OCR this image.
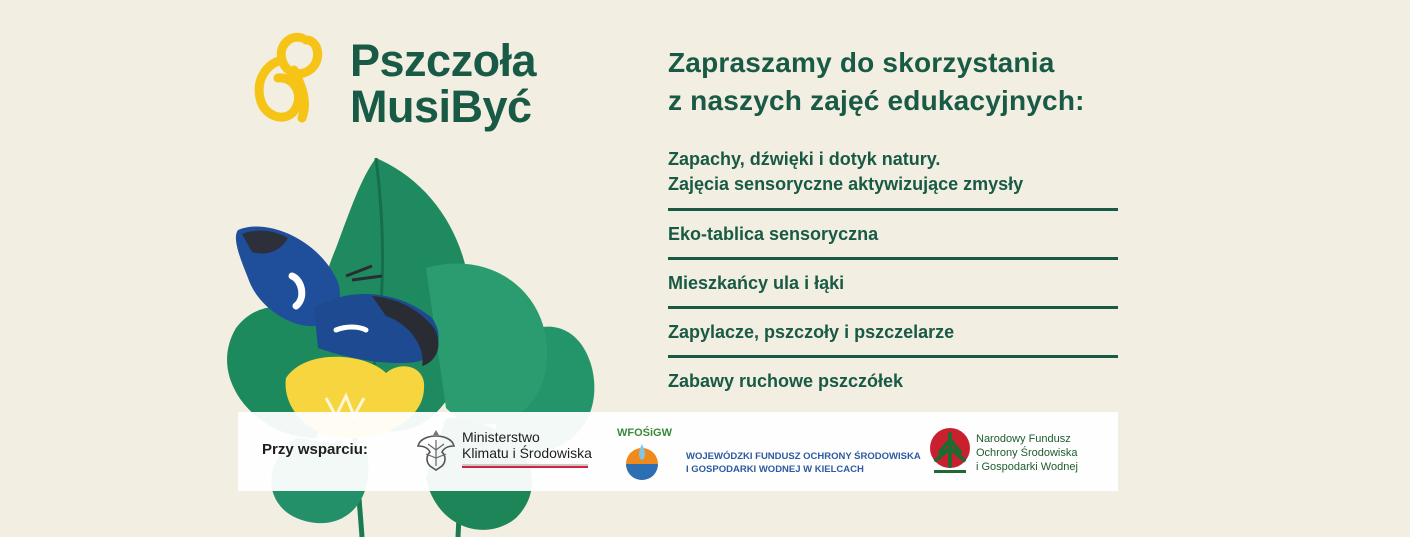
Pszczoła
MusiByć
Zapraszamy do skorzystania
z naszych zajęć edukacyjnych:
Zapachy, dźwięki i dotyk natury.
Zajęcia sensoryczne aktywizujące zmysły
Eko-tablica sensoryczna
Mieszkańcy ula i łąki
Zapylacze, pszczoły i pszczelarze
Zabawy ruchowe pszczółek
Przy wsparciu:
Ministerstwo
Klimatu i Środowiska
WFOŚiGW
WOJEWÓDZKI FUNDUSZ OCHRONY ŚRODOWISKA
I GOSPODARKI WODNEJ W KIELCACH
Narodowy Fundusz
Ochrony Środowiska
i Gospodarki Wodnej
